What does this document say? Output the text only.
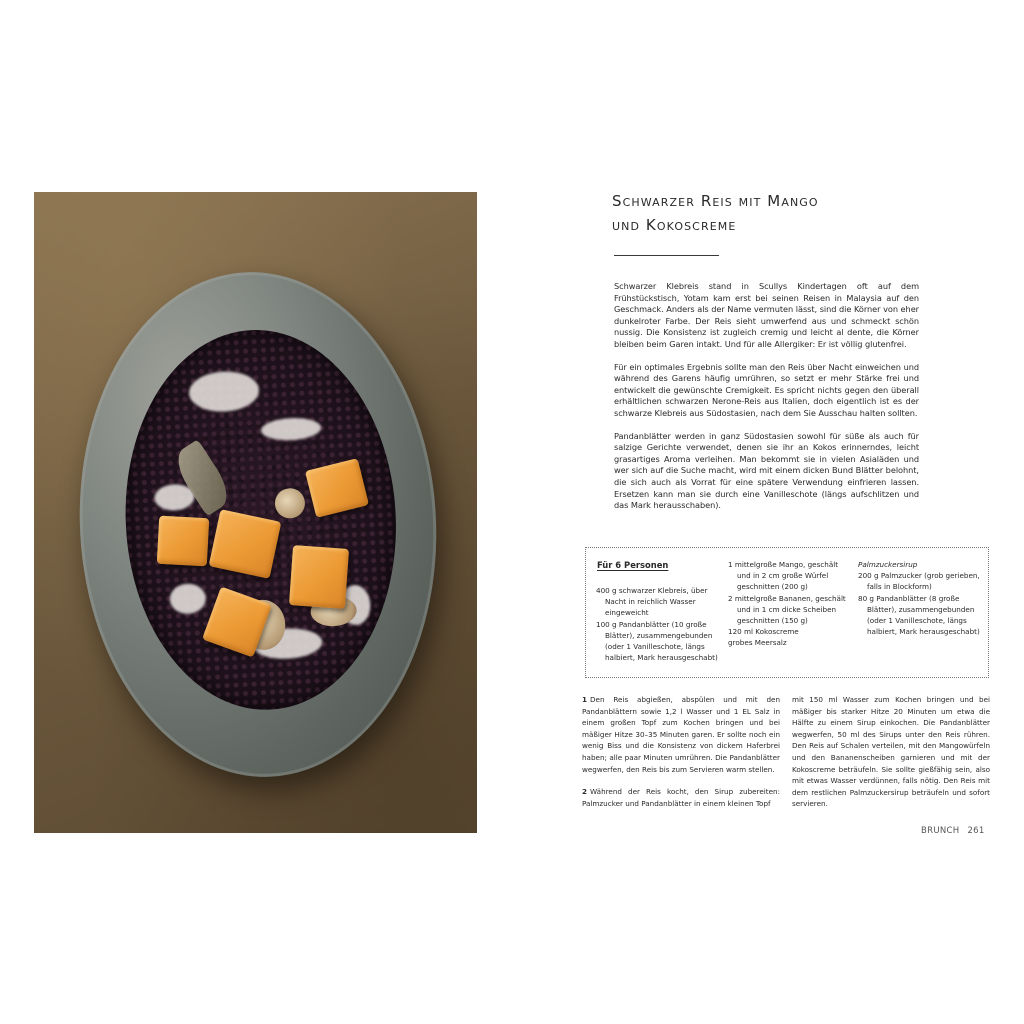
Schwarzer Reis mit Mango
und Kokoscreme

Schwarzer Klebreis stand in Scullys Kindertagen oft auf dem Frühstückstisch, Yotam kam erst bei seinen Reisen in Malaysia auf den Geschmack. Anders als der Name vermuten lässt, sind die Körner von eher dunkelroter Farbe. Der Reis sieht umwerfend aus und schmeckt schön nussig. Die Konsistenz ist zugleich cremig und leicht al dente, die Körner bleiben beim Garen intakt. Und für alle Allergiker: Er ist völlig glutenfrei.

Für ein optimales Ergebnis sollte man den Reis über Nacht einweichen und während des Garens häufig umrühren, so setzt er mehr Stärke frei und entwickelt die gewünschte Cremigkeit. Es spricht nichts gegen den überall erhältlichen schwarzen Nerone-Reis aus Italien, doch eigentlich ist es der schwarze Klebreis aus Südostasien, nach dem Sie Ausschau halten sollten.

Pandanblätter werden in ganz Südostasien sowohl für süße als auch für salzige Gerichte verwendet, denen sie ihr an Kokos erinnerndes, leicht grasartiges Aroma verleihen. Man bekommt sie in vielen Asialäden und wer sich auf die Suche macht, wird mit einem dicken Bund Blätter belohnt, die sich auch als Vorrat für eine spätere Verwendung einfrieren lassen. Ersetzen kann man sie durch eine Vanilleschote (längs aufschlitzen und das Mark herausschaben).

Für 6 Personen
400 g schwarzer Klebreis, über Nacht in reichlich Wasser eingeweicht
100 g Pandanblätter (10 große Blätter), zusammengebunden (oder 1 Vanilleschote, längs halbiert, Mark herausgeschabt)
1 mittelgroße Mango, geschält und in 2 cm große Würfel geschnitten (200 g)
2 mittelgroße Bananen, geschält und in 1 cm dicke Scheiben geschnitten (150 g)
120 ml Kokoscreme
grobes Meersalz
Palmzuckersirup
200 g Palmzucker (grob gerieben, falls in Blockform)
80 g Pandanblätter (8 große Blätter), zusammengebunden (oder 1 Vanilleschote, längs halbiert, Mark herausgeschabt)

1 Den Reis abgießen, abspülen und mit den Pandanblättern sowie 1,2 l Wasser und 1 EL Salz in einem großen Topf zum Kochen bringen und bei mäßiger Hitze 30–35 Minuten garen. Er sollte noch ein wenig Biss und die Konsistenz von dickem Haferbrei haben; alle paar Minuten umrühren. Die Pandanblätter wegwerfen, den Reis bis zum Servieren warm stellen.

2 Während der Reis kocht, den Sirup zubereiten: Palmzucker und Pandanblätter in einem kleinen Topf

mit 150 ml Wasser zum Kochen bringen und bei mäßiger bis starker Hitze 20 Minuten um etwa die Hälfte zu einem Sirup einkochen. Die Pandanblätter wegwerfen, 50 ml des Sirups unter den Reis rühren. Den Reis auf Schalen verteilen, mit den Mangowürfeln und den Bananenscheiben garnieren und mit der Kokoscreme beträufeln. Sie sollte gießfähig sein, also mit etwas Wasser verdünnen, falls nötig. Den Reis mit dem restlichen Palmzuckersirup beträufeln und sofort servieren.

BRUNCH 261
